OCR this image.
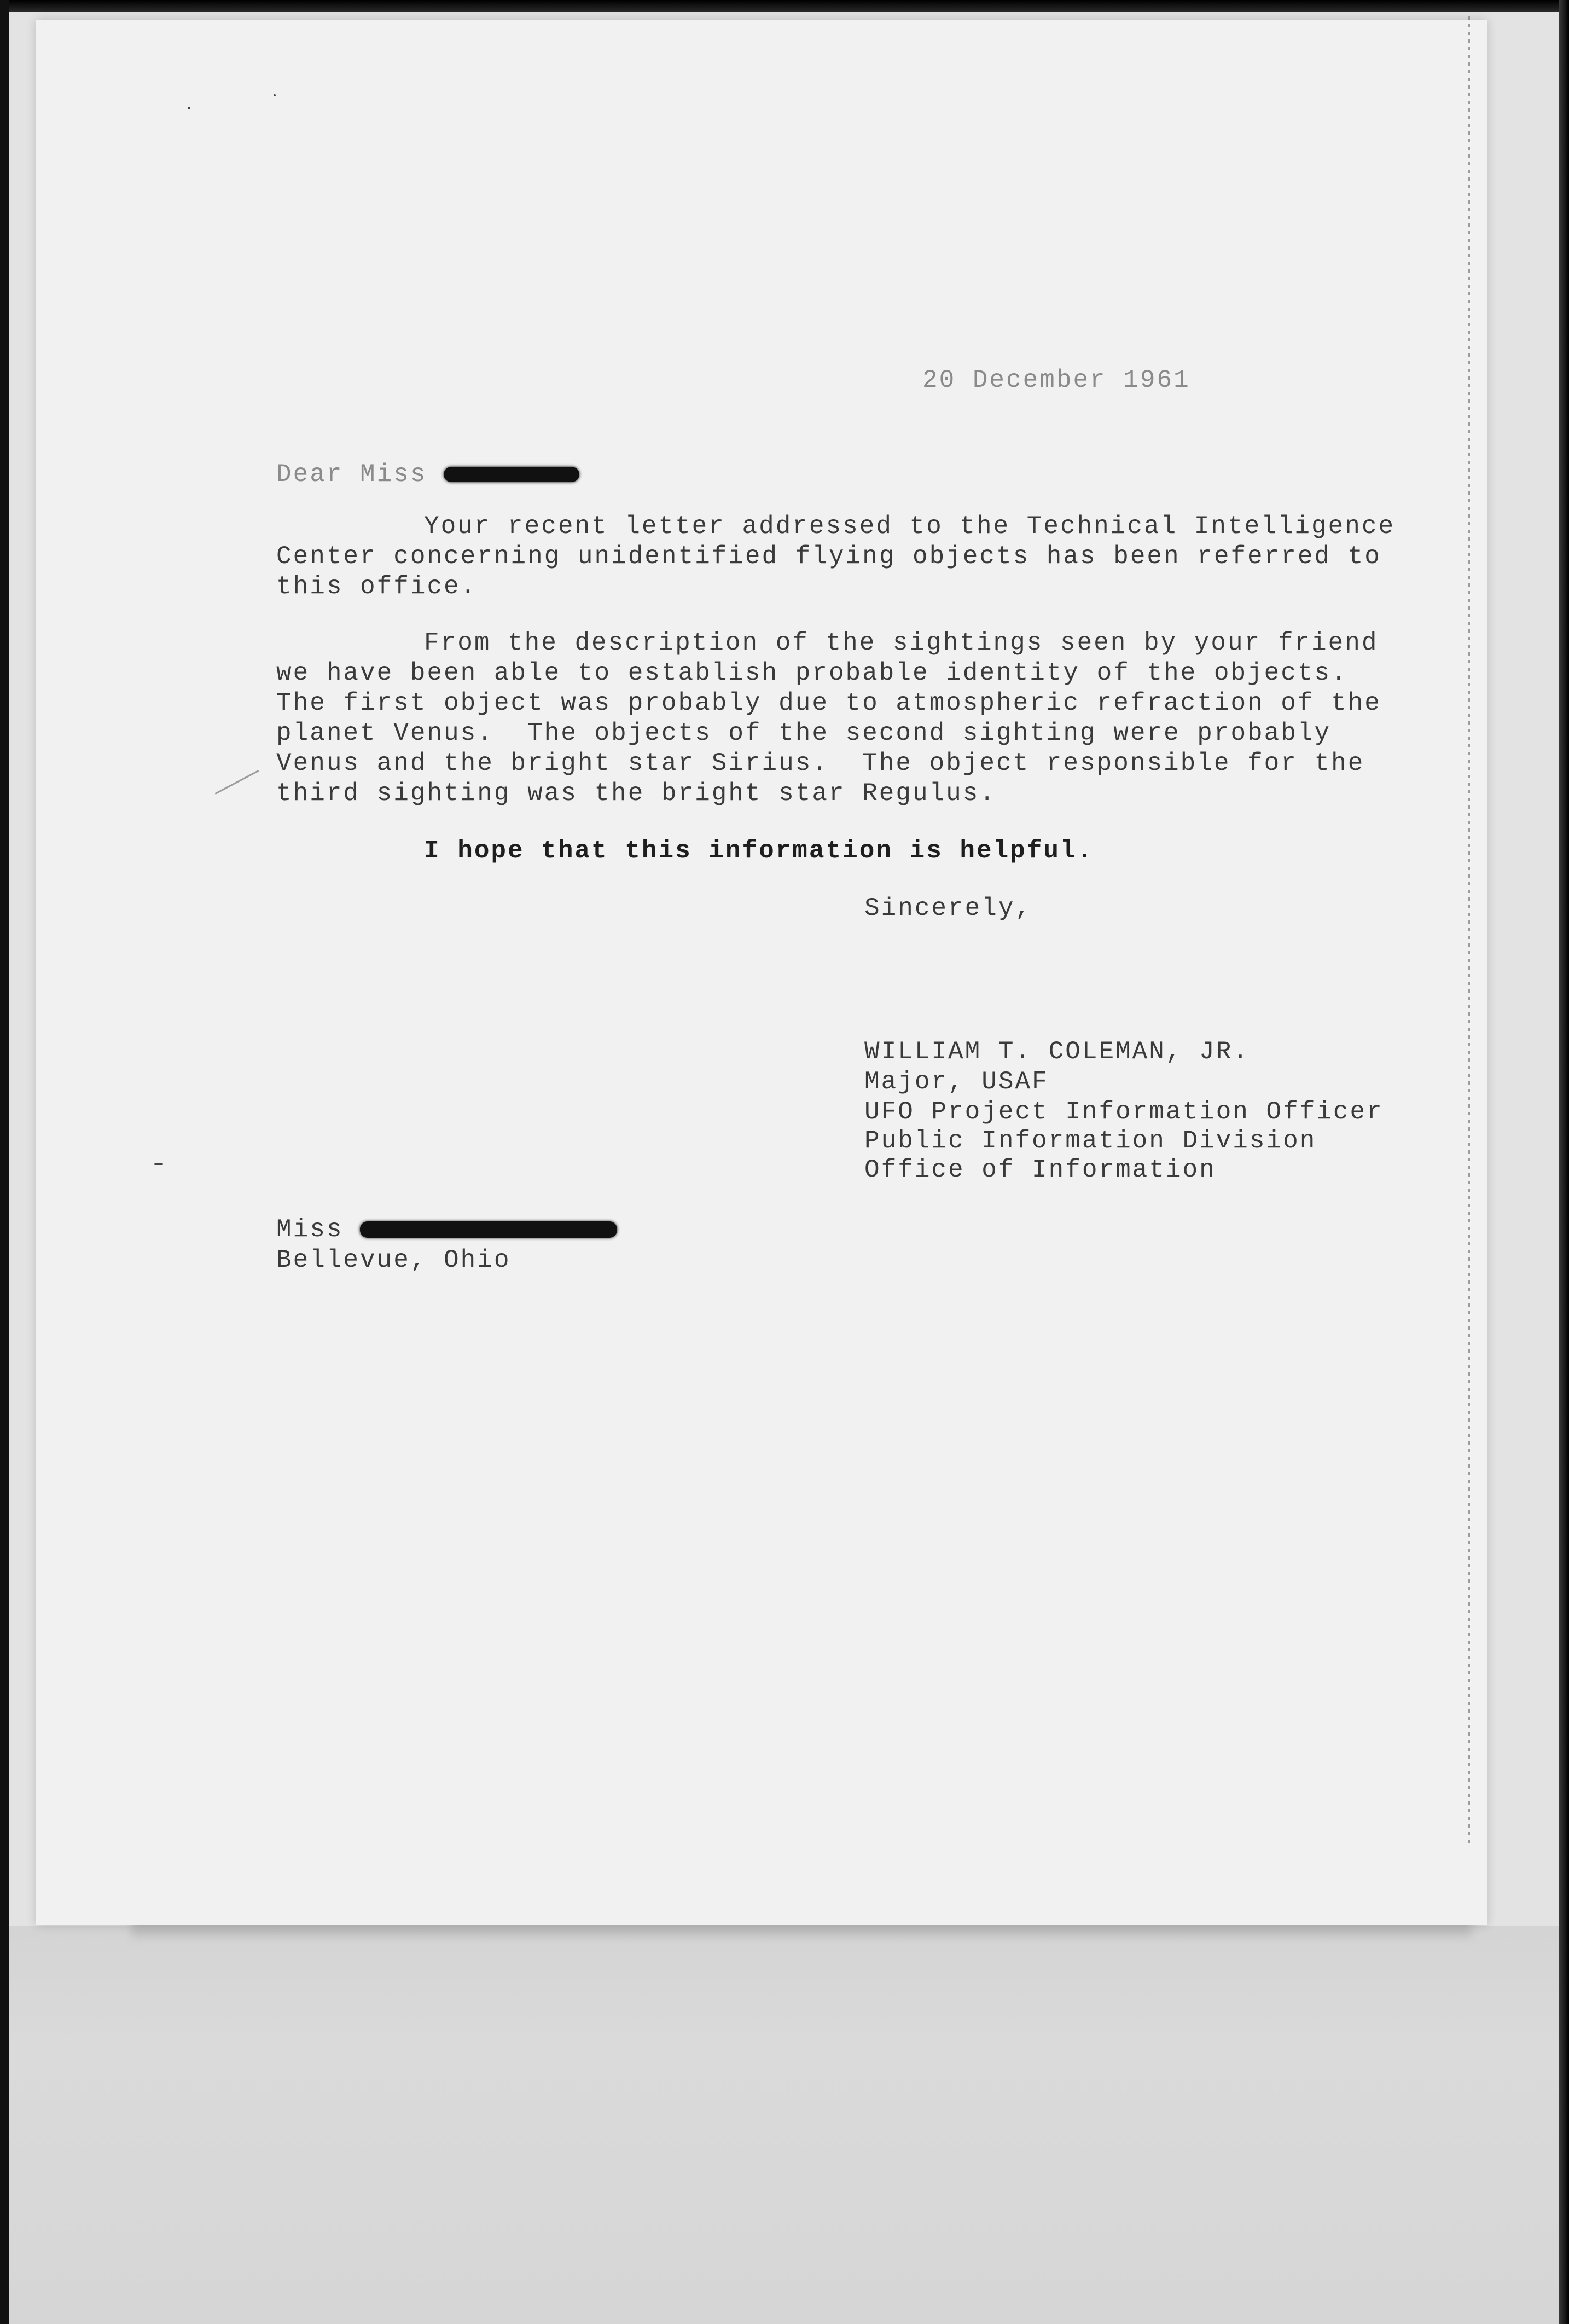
20 December 1961
Dear Miss
Your recent letter addressed to the Technical Intelligence
Center concerning unidentified flying objects has been referred to
this office.
From the description of the sightings seen by your friend
we have been able to establish probable identity of the objects.
The first object was probably due to atmospheric refraction of the
planet Venus.  The objects of the second sighting were probably
Venus and the bright star Sirius.  The object responsible for the
third sighting was the bright star Regulus.
I hope that this information is helpful.
Sincerely,
WILLIAM T. COLEMAN, JR.
Major, USAF
UFO Project Information Officer
Public Information Division
Office of Information
Miss
Bellevue, Ohio
